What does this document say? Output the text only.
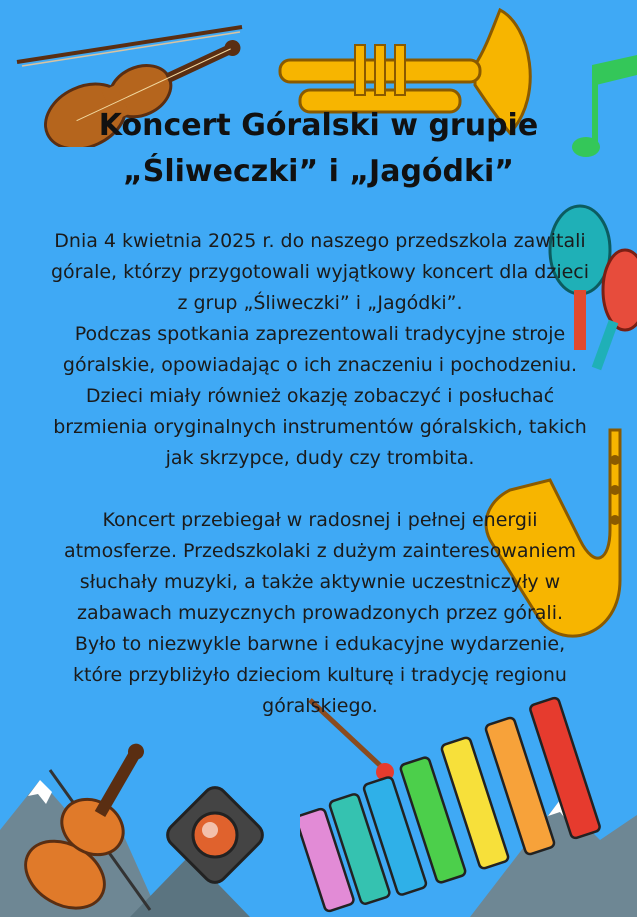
Koncert Góralski w grupie
„Śliweczki” i „Jagódki”
Dnia 4 kwietnia 2025 r. do naszego przedszkola zawitali
górale, którzy przygotowali wyjątkowy koncert dla dzieci
z grup „Śliweczki” i „Jagódki”.
Podczas spotkania zaprezentowali tradycyjne stroje
góralskie, opowiadając o ich znaczeniu i pochodzeniu.
Dzieci miały również okazję zobaczyć i posłuchać
brzmienia oryginalnych instrumentów góralskich, takich
jak skrzypce, dudy czy trombita.
Koncert przebiegał w radosnej i pełnej energii
atmosferze. Przedszkolaki z dużym zainteresowaniem
słuchały muzyki, a także aktywnie uczestniczyły w
zabawach muzycznych prowadzonych przez górali.
Było to niezwykle barwne i edukacyjne wydarzenie,
które przybliżyło dzieciom kulturę i tradycję regionu
góralskiego.
